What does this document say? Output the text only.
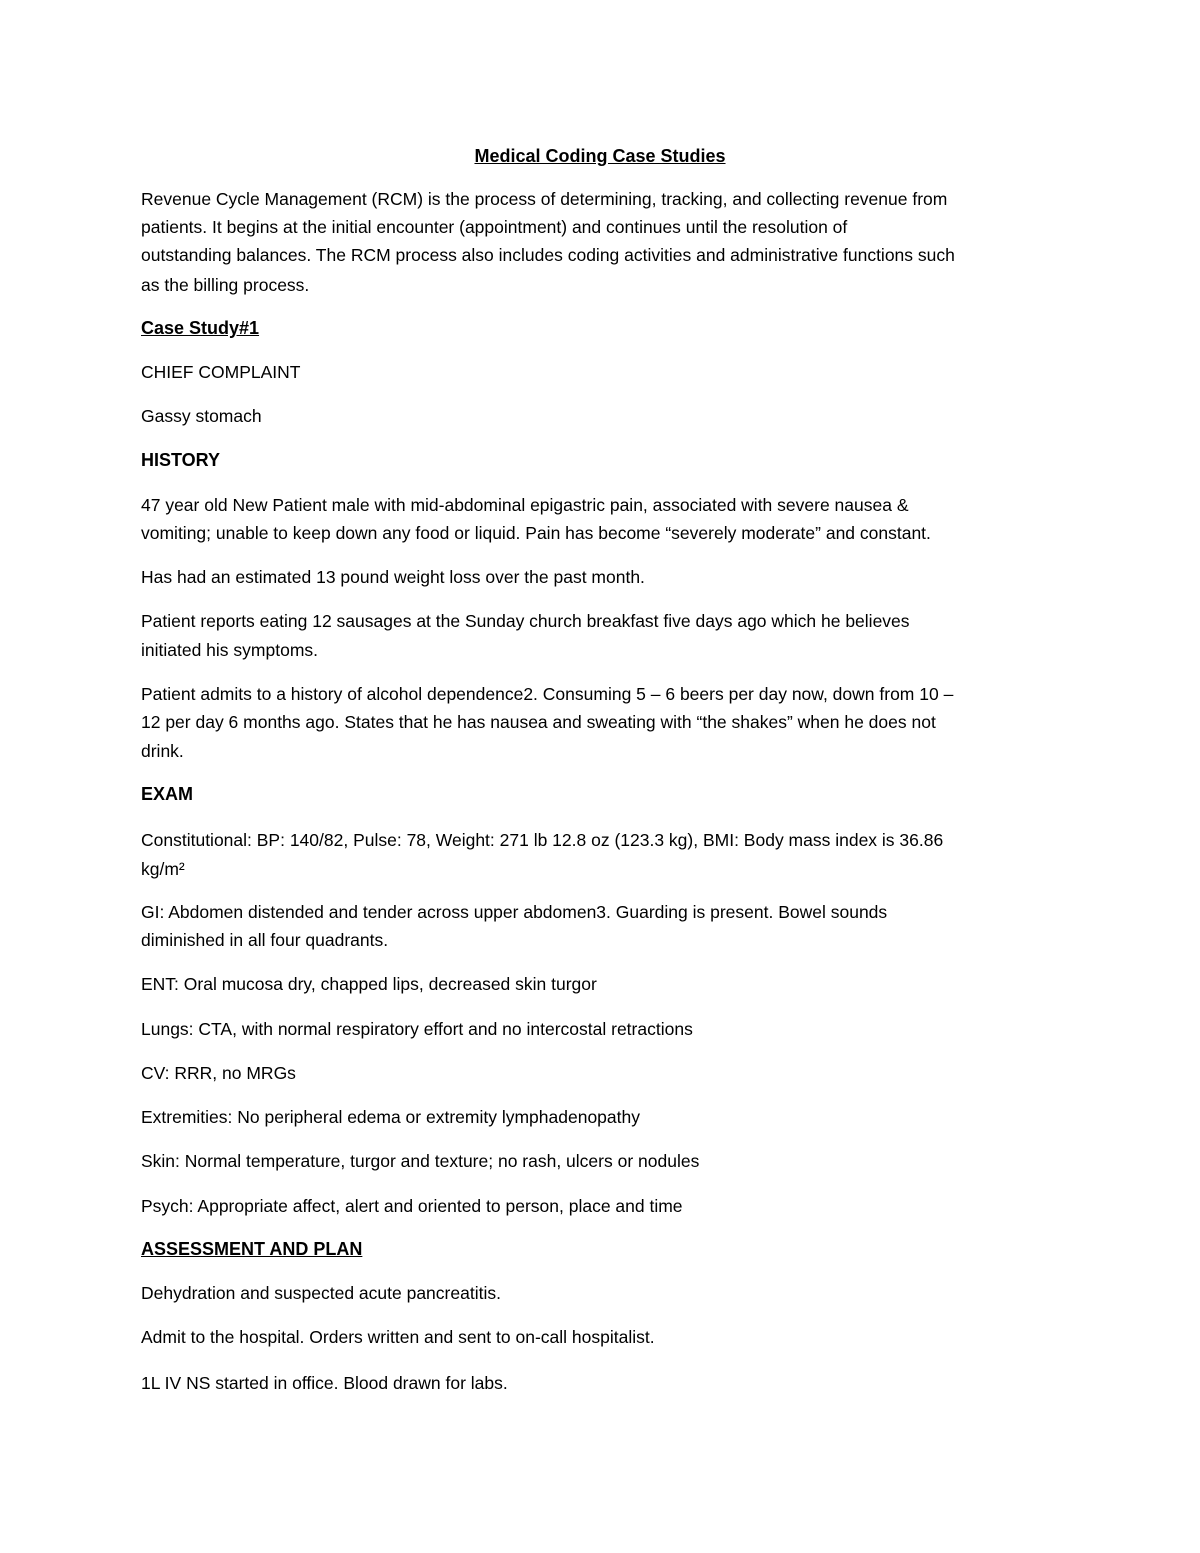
Medical Coding Case Studies

Revenue Cycle Management (RCM) is the process of determining, tracking, and collecting revenue from

patients. It begins at the initial encounter (appointment) and continues until the resolution of

outstanding balances. The RCM process also includes coding activities and administrative functions such

as the billing process.

Case Study#1

CHIEF COMPLAINT

Gassy stomach

HISTORY

47 year old New Patient male with mid-abdominal epigastric pain, associated with severe nausea &

vomiting; unable to keep down any food or liquid. Pain has become “severely moderate” and constant.

Has had an estimated 13 pound weight loss over the past month.

Patient reports eating 12 sausages at the Sunday church breakfast five days ago which he believes

initiated his symptoms.

Patient admits to a history of alcohol dependence2. Consuming 5 – 6 beers per day now, down from 10 –

12 per day 6 months ago. States that he has nausea and sweating with “the shakes” when he does not

drink.

EXAM

Constitutional: BP: 140/82, Pulse: 78, Weight: 271 lb 12.8 oz (123.3 kg), BMI: Body mass index is 36.86

kg/m²

GI: Abdomen distended and tender across upper abdomen3. Guarding is present. Bowel sounds

diminished in all four quadrants.

ENT: Oral mucosa dry, chapped lips, decreased skin turgor

Lungs: CTA, with normal respiratory effort and no intercostal retractions

CV: RRR, no MRGs

Extremities: No peripheral edema or extremity lymphadenopathy

Skin: Normal temperature, turgor and texture; no rash, ulcers or nodules

Psych: Appropriate affect, alert and oriented to person, place and time

ASSESSMENT AND PLAN

Dehydration and suspected acute pancreatitis.

Admit to the hospital. Orders written and sent to on-call hospitalist.

1L IV NS started in office. Blood drawn for labs.
